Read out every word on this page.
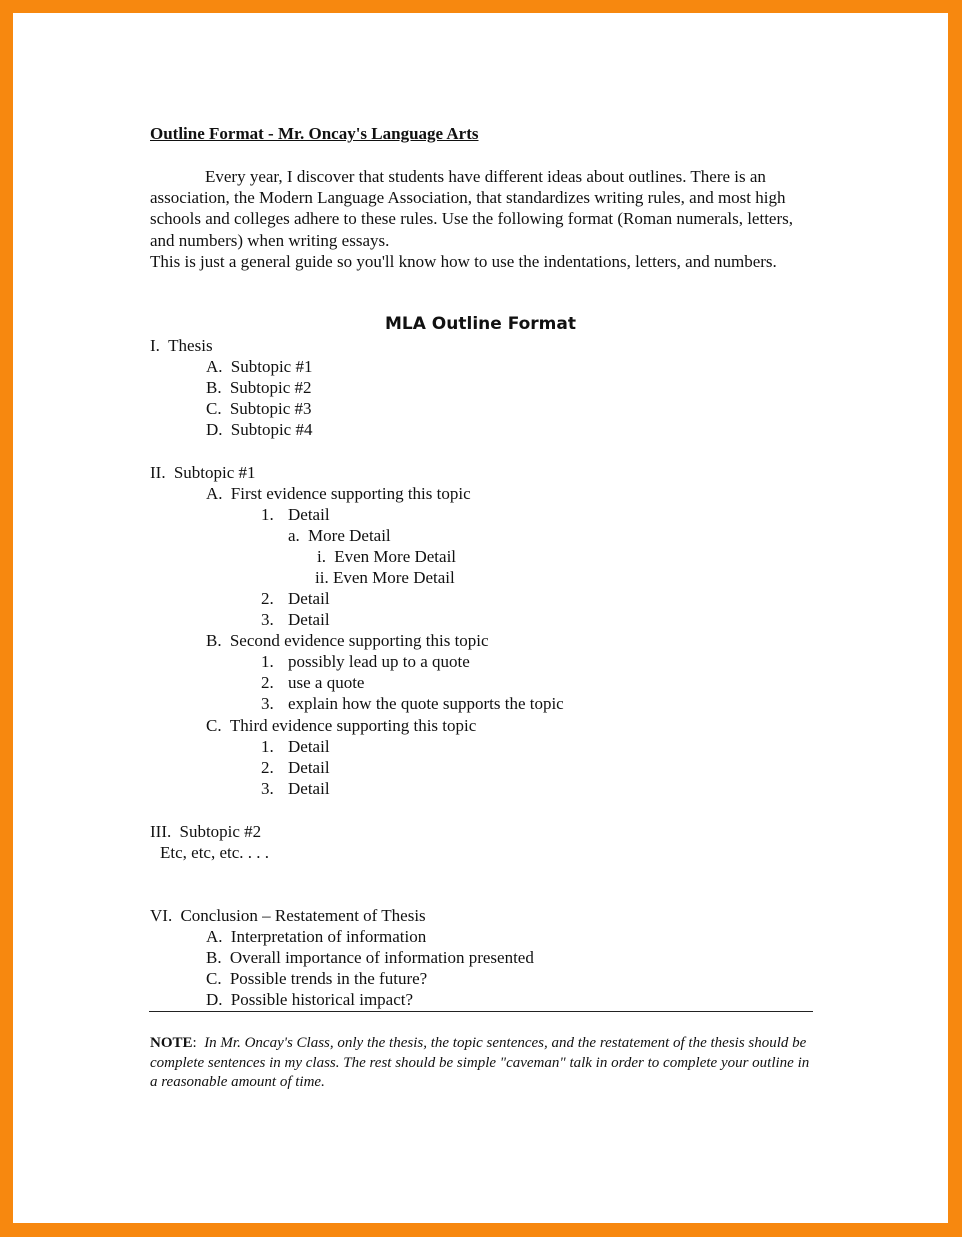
Outline Format - Mr. Oncay's Language Arts

Every year, I discover that students have different ideas about outlines. There is an association, the Modern Language Association, that standardizes writing rules, and most high schools and colleges adhere to these rules. Use the following format (Roman numerals, letters, and numbers) when writing essays.

This is just a general guide so you'll know how to use the indentations, letters, and numbers.

MLA Outline Format
I. Thesis
A. Subtopic #1
B. Subtopic #2
C. Subtopic #3
D. Subtopic #4
II. Subtopic #1
A. First evidence supporting this topic
1. Detail
a. More Detail
i. Even More Detail
ii. Even More Detail
2. Detail
3. Detail
B. Second evidence supporting this topic
1. possibly lead up to a quote
2. use a quote
3. explain how the quote supports the topic
C. Third evidence supporting this topic
1. Detail
2. Detail
3. Detail
III. Subtopic #2
Etc, etc, etc. . . .
VI. Conclusion – Restatement of Thesis
A. Interpretation of information
B. Overall importance of information presented
C. Possible trends in the future?
D. Possible historical impact?
NOTE: In Mr. Oncay's Class, only the thesis, the topic sentences, and the restatement of the thesis should be complete sentences in my class. The rest should be simple "caveman" talk in order to complete your outline in a reasonable amount of time.
